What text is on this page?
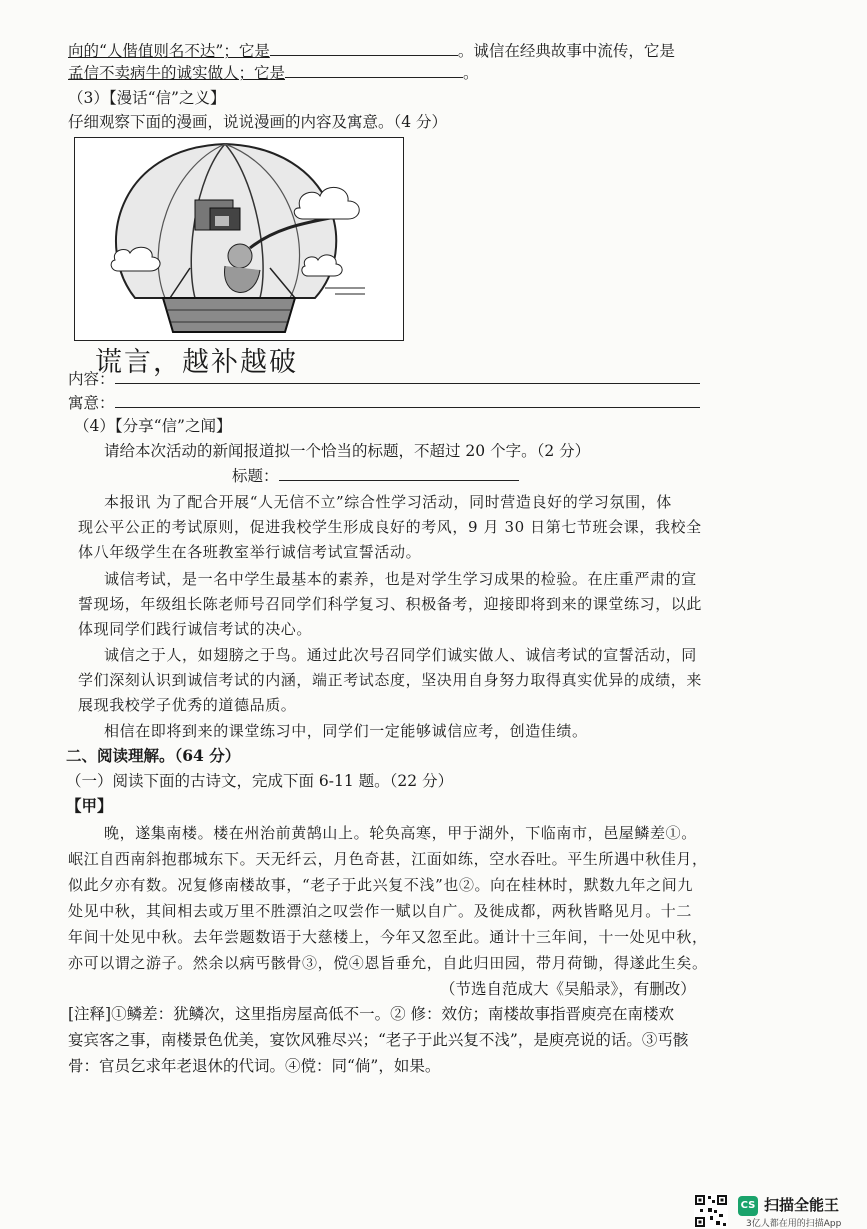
向的“人偕值则名不达”；它是	。诚信在经典故事中流传，它是
孟信不卖病牛的诚实做人；它是	。
（3）【漫话“信”之义】
仔细观察下面的漫画，说说漫画的内容及寓意。（4 分）
谎言，越补越破
内容：
寓意：
（4）【分享“信”之闻】
请给本次活动的新闻报道拟一个恰当的标题，不超过 20 个字。（2 分）
标题：
本报讯 为了配合开展“人无信不立”综合性学习活动，同时营造良好的学习氛围，体
现公平公正的考试原则，促进我校学生形成良好的考风，9 月 30 日第七节班会课，我校全
体八年级学生在各班教室举行诚信考试宣誓活动。
诚信考试，是一名中学生最基本的素养，也是对学生学习成果的检验。在庄重严肃的宣
誓现场，年级组长陈老师号召同学们科学复习、积极备考，迎接即将到来的课堂练习，以此
体现同学们践行诚信考试的决心。
诚信之于人，如翅膀之于鸟。通过此次号召同学们诚实做人、诚信考试的宣誓活动，同
学们深刻认识到诚信考试的内涵，端正考试态度，坚决用自身努力取得真实优异的成绩，来
展现我校学子优秀的道德品质。
相信在即将到来的课堂练习中，同学们一定能够诚信应考，创造佳绩。
二、阅读理解。（64 分）
（一）阅读下面的古诗文，完成下面 6-11 题。（22 分）
【甲】
晚，遂集南楼。楼在州治前黄鹄山上。轮奂高寒，甲于湖外，下临南市，邑屋鳞差①。
岷江自西南斜抱郡城东下。天无纤云，月色奇甚，江面如练，空水吞吐。平生所遇中秋佳月，
似此夕亦有数。况复修南楼故事，“老子于此兴复不浅”也②。向在桂林时，默数九年之间九
处见中秋，其间相去或万里不胜漂泊之叹尝作一赋以自广。及徙成都，两秋皆略见月。十二
年间十处见中秋。去年尝题数语于大慈楼上，今年又忽至此。通计十三年间，十一处见中秋，
亦可以谓之游子。然余以病丐骸骨③，傥④恩旨垂允，自此归田园，带月荷锄，得遂此生矣。
（节选自范成大《吴船录》，有删改）
[注释]①鳞差：犹鳞次，这里指房屋高低不一。② 修：效仿；南楼故事指晋庾亮在南楼欢
宴宾客之事，南楼景色优美，宴饮风雅尽兴；“老子于此兴复不浅”，是庾亮说的话。③丐骸
骨：官员乞求年老退休的代词。④傥：同“倘”，如果。
CS 扫描全能王
3亿人都在用的扫描App
